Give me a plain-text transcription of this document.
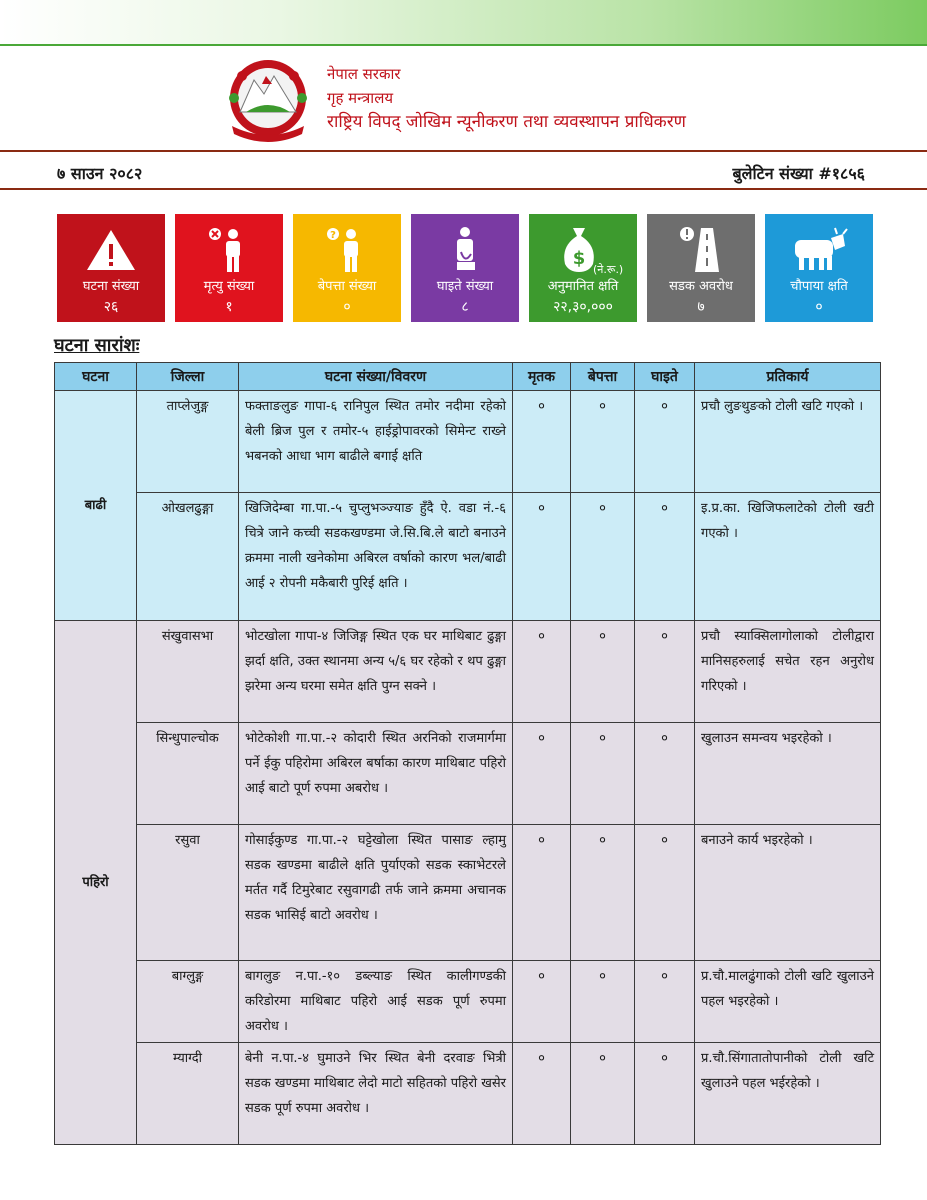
नेपाल सरकार
गृह मन्त्रालय
राष्ट्रिय विपद् जोखिम न्यूनीकरण तथा व्यवस्थापन प्राधिकरण
७ साउन २०८२	बुलेटिन संख्या #१८५६
घटना संख्या
२६
मृत्यु संख्या
१
?
बेपत्ता संख्या
०
घाइते संख्या
८
$
(ने.रू.)
अनुमानित क्षति
२२,३०,०००
सडक अवरोध
७
चौपाया क्षति
०
घटना सारांशः
घटना	जिल्ला	घटना संख्या/विवरण	मृतक	बेपत्ता	घाइते	प्रतिकार्य
बाढी	ताप्लेजुङ्ग	फक्ताङलुङ गापा-६ रानिपुल स्थित तमोर नदीमा रहेको बेली ब्रिज पुल र तमोर-५ हाईड्रोपावरको सिमेन्ट राख्ने भबनको आधा भाग बाढीले बगाई क्षति	०	०	०	प्रचौ लुङथुङको टोली खटि गएको ।
	ओखलढुङ्गा	खिजिदेम्बा गा.पा.-५ चुप्लुभञ्ज्याङ हुँदै ऐ. वडा नं.-६ चित्रे जाने कच्ची सडकखण्डमा जे.सि.बि.ले बाटो बनाउने क्रममा नाली खनेकोमा अबिरल वर्षाको कारण भल/बाढी आई २ रोपनी मकैबारी पुरिई क्षति ।	०	०	०	इ.प्र.का. खिजिफलाटेको टोली खटी गएको ।
पहिरो	संखुवासभा	भोटखोला गापा-४ जिजिङ्ग स्थित एक घर माथिबाट ढुङ्गा झर्दा क्षति, उक्त स्थानमा अन्य ५/६ घर रहेको र थप ढुङ्गा झरेमा अन्य घरमा समेत क्षति पुग्न सक्ने ।	०	०	०	प्रचौ स्याक्सिलागोलाको टोलीद्वारा मानिसहरुलाई सचेत रहन अनुरोध गरिएको ।
	सिन्धुपाल्चोक	भोटेकोशी गा.पा.-२ कोदारी स्थित अरनिको राजमार्गमा पर्ने ईकु पहिरोमा अबिरल बर्षाका कारण माथिबाट पहिरो आई बाटो पूर्ण रुपमा अबरोध ।	०	०	०	खुलाउन समन्वय भइरहेको ।
	रसुवा	गोसाईकुण्ड गा.पा.-२ घट्टेखोला स्थित पासाङ ल्हामु सडक खण्डमा बाढीले क्षति पुर्याएको सडक स्काभेटरले मर्तत गर्दै टिमुरेबाट रसुवागढी तर्फ जाने क्रममा अचानक सडक भासिई बाटो अवरोध ।	०	०	०	बनाउने कार्य भइरहेको ।
	बाग्लुङ्ग	बागलुङ न.पा.-१० डब्ल्याङ स्थित कालीगण्डकी करिडोरमा माथिबाट पहिरो आई सडक पूर्ण रुपमा अवरोध ।	०	०	०	प्र.चौ.मालढुंगाको टोली खटि खुलाउने पहल भइरहेको ।
	म्याग्दी	बेनी न.पा.-४ घुमाउने भिर स्थित बेनी दरवाङ भित्री सडक खण्डमा माथिबाट लेदो माटो सहितको पहिरो खसेर सडक पूर्ण रुपमा अवरोध ।	०	०	०	प्र.चौ.सिंगातातोपानीको टोली खटि खुलाउने पहल भईरहेको ।
